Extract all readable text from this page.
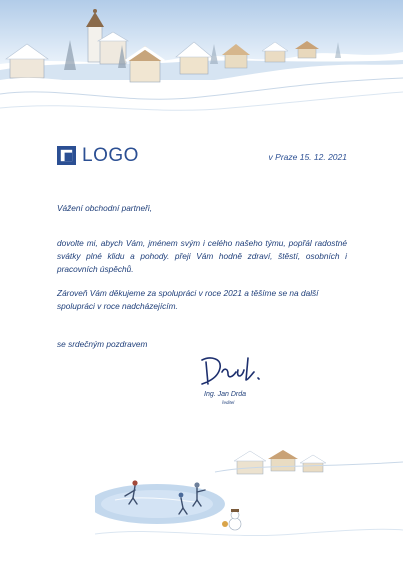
LOGO	v Praze 15. 12. 2021
Vážení obchodní partneři,
dovolte mi, abych Vám, jménem svým i celého našeho týmu, popřál radostné svátky plné klidu a pohody. přeji Vám hodně zdraví, štěstí, osobních i pracovních úspěchů.
Zároveň Vám děkujeme za spolupráci v roce 2021 a těšíme se na další spolupráci v roce nadcházejícím.
se srdečným pozdravem
Ing. Jan Drda
ředitel
